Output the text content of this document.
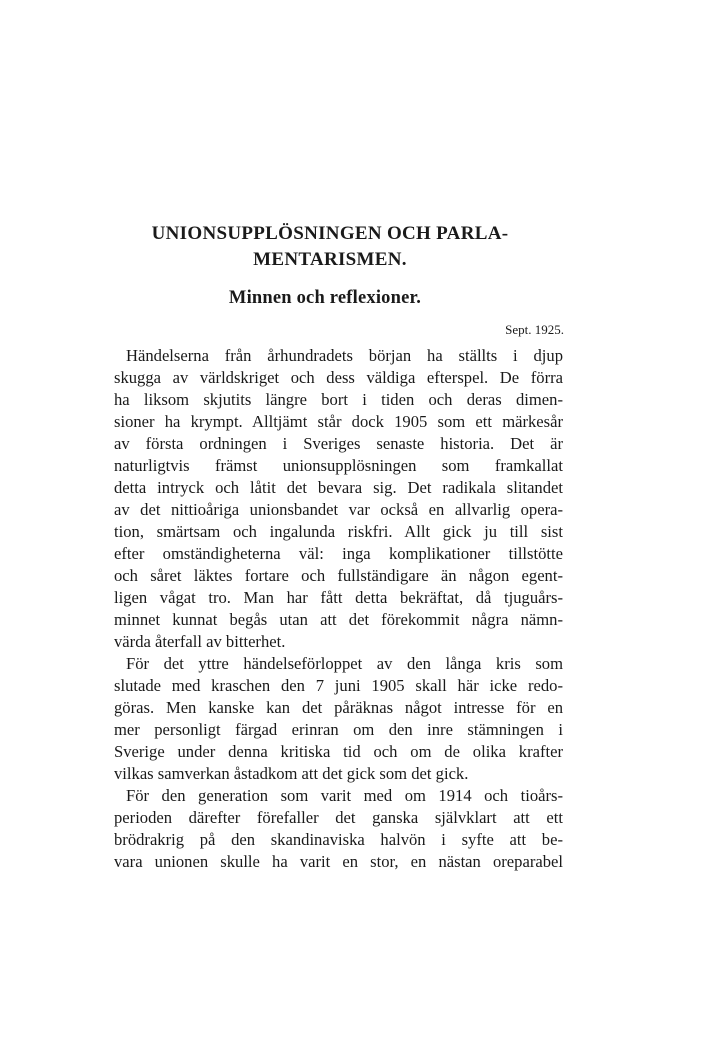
UNIONSUPPLÖSNINGEN OCH PARLA-
MENTARISMEN.
Minnen och reflexioner.
Sept. 1925.
Händelserna från århundradets början ha ställts i djup
skugga av världskriget och dess väldiga efterspel. De förra
ha liksom skjutits längre bort i tiden och deras dimen-
sioner ha krympt. Alltjämt står dock 1905 som ett märkesår
av första ordningen i Sveriges senaste historia. Det är
naturligtvis främst unionsupplösningen som framkallat
detta intryck och låtit det bevara sig. Det radikala slitandet
av det nittioåriga unionsbandet var också en allvarlig opera-
tion, smärtsam och ingalunda riskfri. Allt gick ju till sist
efter omständigheterna väl: inga komplikationer tillstötte
och såret läktes fortare och fullständigare än någon egent-
ligen vågat tro. Man har fått detta bekräftat, då tjuguårs-
minnet kunnat begås utan att det förekommit några nämn-
värda återfall av bitterhet.
För det yttre händelseförloppet av den långa kris som
slutade med kraschen den 7 juni 1905 skall här icke redo-
göras. Men kanske kan det påräknas något intresse för en
mer personligt färgad erinran om den inre stämningen i
Sverige under denna kritiska tid och om de olika krafter
vilkas samverkan åstadkom att det gick som det gick.
För den generation som varit med om 1914 och tioårs-
perioden därefter förefaller det ganska självklart att ett
brödrakrig på den skandinaviska halvön i syfte att be-
vara unionen skulle ha varit en stor, en nästan oreparabel
